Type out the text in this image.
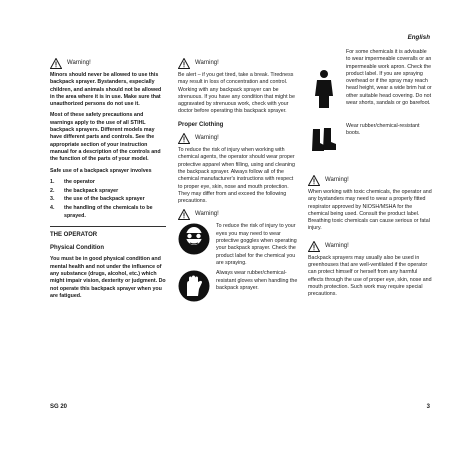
English
Warning!

Minors should never be allowed to use this backpack sprayer. Bystanders, especially children, and animals should not be allowed in the area where it is in use. Make sure that unauthorized persons do not use it.

Most of these safety precautions and warnings apply to the use of all STIHL backpack sprayers. Different models may have different parts and controls. See the appropriate section of your instruction manual for a description of the controls and the function of the parts of your model.

Safe use of a backpack sprayer involves

1. the operator
2. the backpack sprayer
3. the use of the backpack sprayer
4. the handling of the chemicals to be sprayed.
THE OPERATOR
Physical Condition

You must be in good physical condition and mental health and not under the influence of any substance (drugs, alcohol, etc.) which might impair vision, dexterity or judgment. Do not operate this backpack sprayer when you are fatigued.

Warning!

Be alert – if you get tired, take a break. Tiredness may result in loss of concentration and control. Working with any backpack sprayer can be strenuous. If you have any condition that might be aggravated by strenuous work, check with your doctor before operating this backpack sprayer.

Proper Clothing
Warning!

To reduce the risk of injury when working with chemical agents, the operator should wear proper protective apparel when filling, using and cleaning the backpack sprayer. Always follow all of the chemical manufacturer's instructions with respect to proper eye, skin, nose and mouth protection. They may differ from and exceed the following precautions.

Warning!

To reduce the risk of injury to your eyes you may need to wear protective goggles when operating your backpack sprayer. Check the product label for the chemical you are spraying.

Always wear rubber/chemical-resistant gloves when handling the backpack sprayer.

For some chemicals it is advisable to wear impermeable coveralls or an impermeable work apron. Check the product label. If you are spraying overhead or if the spray may reach head height, wear a wide brim hat or other suitable head covering. Do not wear shorts, sandals or go barefoot.

Wear rubber/chemical-resistant boots.

Warning!

When working with toxic chemicals, the operator and any bystanders may need to wear a properly fitted respirator approved by NIOSH/MSHA for the chemical being used. Consult the product label. Breathing toxic chemicals can cause serious or fatal injury.

Warning!

Backpack sprayers may usually also be used in greenhouses that are well-ventilated if the operator can protect himself or herself from any harmful effects through the use of proper eye, skin, nose and mouth protection. Such work may require special precautions.

SG 20	3
